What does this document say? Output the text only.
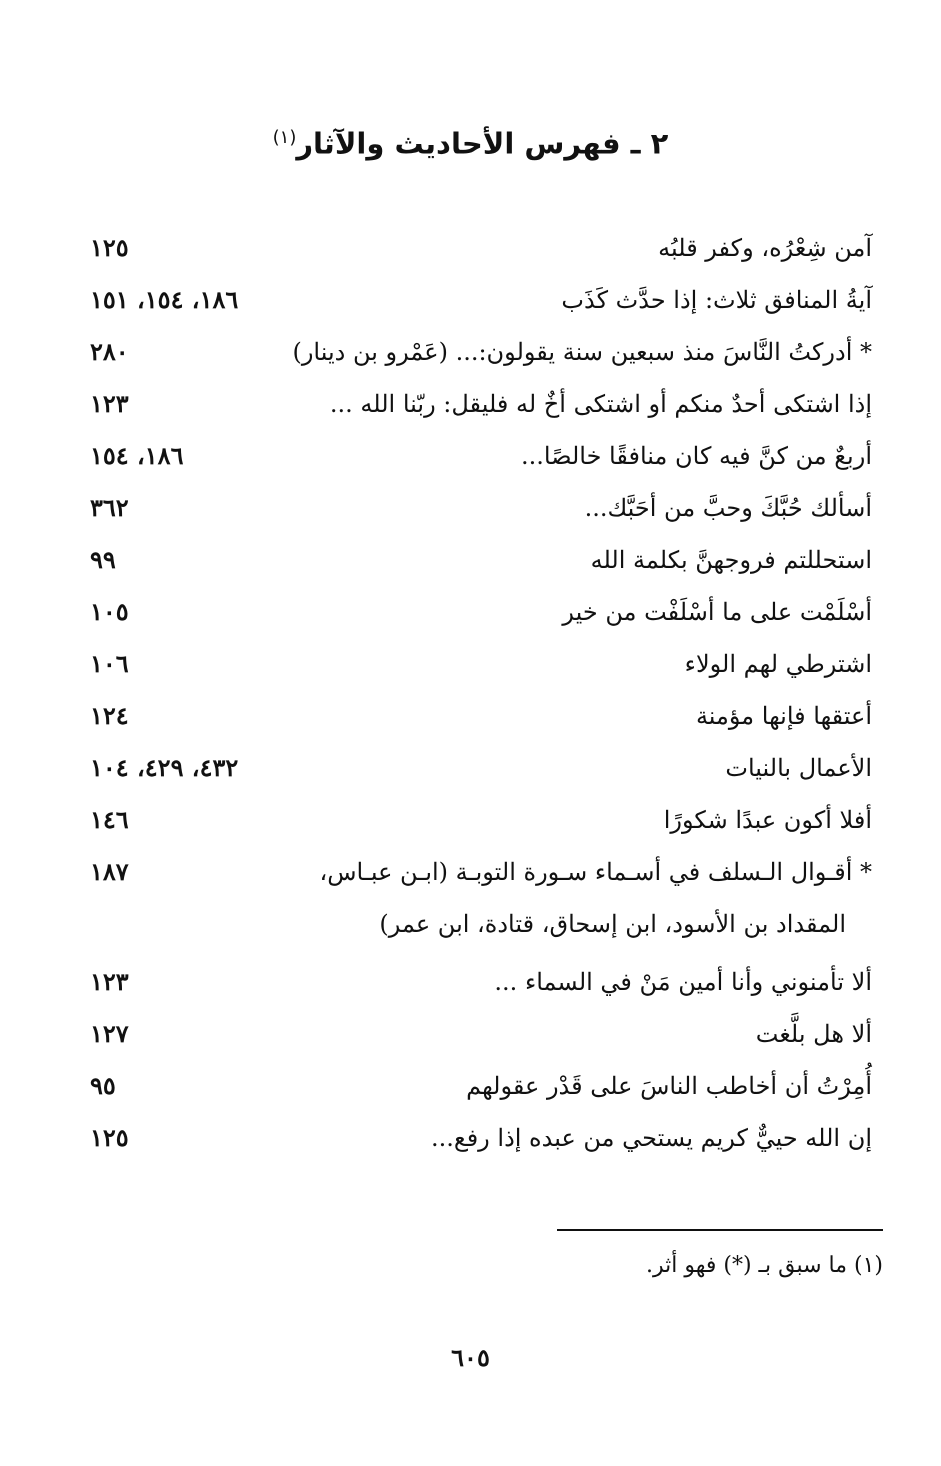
٢ ـ فهرس الأحاديث والآثار$^{(١)}$
آمن شِعْرُه، وكفر قلبُه
١٢٥
آيةُ المنافق ثلاث: إذا حدَّث كَذَب
١٨٦، ١٥٤، ١٥١
* أدركتُ النَّاسَ منذ سبعين سنة يقولون:... (عَمْرو بن دينار)
٢٨٠
إذا اشتكى أحدٌ منكم أو اشتكى أخٌ له فليقل: ربّنا الله ...
١٢٣
أربعٌ من كنَّ فيه كان منافقًا خالصًا...
١٨٦، ١٥٤
أسألك حُبَّكَ وحبَّ من أحَبَّك...
٣٦٢
استحللتم فروجهنَّ بكلمة الله
٩٩
أسْلَمْت على ما أسْلَفْت من خير
١٠٥
اشترطي لهم الولاء
١٠٦
أعتقها فإنها مؤمنة
١٢٤
الأعمال بالنيات
٤٣٢، ٤٢٩، ١٠٤
أفلا أكون عبدًا شكورًا
١٤٦
* أقـوال الـسلف في أسـماء سـورة التوبـة (ابـن عبـاس،
١٨٧
المقداد بن الأسود، ابن إسحاق، قتادة، ابن عمر)
ألا تأمنوني وأنا أمين مَنْ في السماء ...
١٢٣
ألا هل بلَّغت
١٢٧
أُمِرْتُ أن أخاطب الناسَ على قَدْر عقولهم
٩٥
إن الله حييٌّ كريم يستحي من عبده إذا رفع...
١٢٥
(١) ما سبق بـ (*) فهو أثر.
٦٠٥
